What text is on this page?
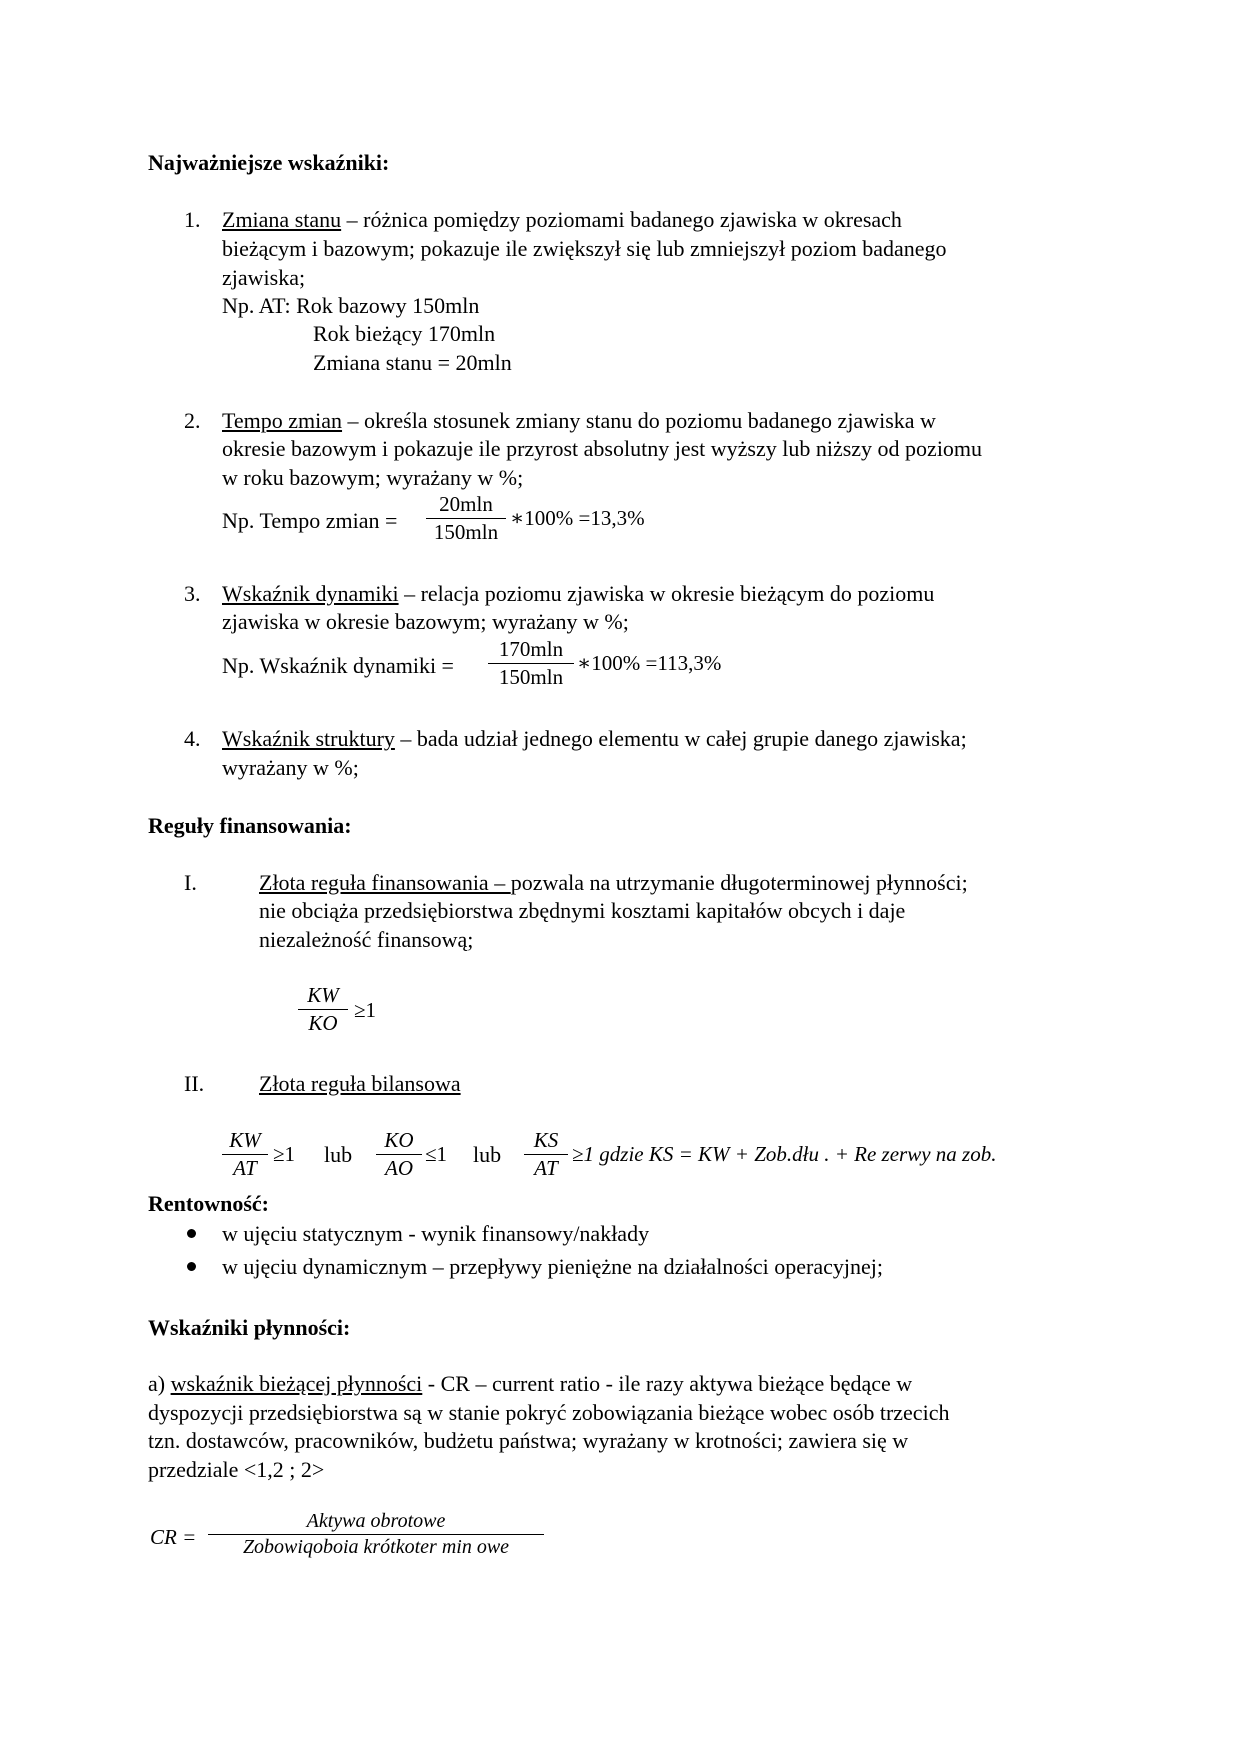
Najważniejsze wskaźniki:
1. Zmiana stanu – różnica pomiędzy poziomami badanego zjawiska w okresach
bieżącym i bazowym; pokazuje ile zwiększył się lub zmniejszył poziom badanego
zjawiska;
Np. AT: Rok bazowy 150mln
Rok bieżący 170mln
Zmiana stanu = 20mln
2. Tempo zmian – określa stosunek zmiany stanu do poziomu badanego zjawiska w
okresie bazowym i pokazuje ile przyrost absolutny jest wyższy lub niższy od poziomu
w roku bazowym; wyrażany w %;
Np. Tempo zmian =
20mln
150mln
∗100% =13,3%
3. Wskaźnik dynamiki – relacja poziomu zjawiska w okresie bieżącym do poziomu
zjawiska w okresie bazowym; wyrażany w %;
Np. Wskaźnik dynamiki =
170mln
150mln
∗100% =113,3%
4. Wskaźnik struktury – bada udział jednego elementu w całej grupie danego zjawiska;
wyrażany w %;
Reguły finansowania:
I.	Złota reguła finansowania – pozwala na utrzymanie długoterminowej płynności;
nie obciąża przedsiębiorstwa zbędnymi kosztami kapitałów obcych i daje
niezależność finansową;
KW
KO
≥1
II. Złota reguła bilansowa
KW
AT
≥1 lub
KO
AO
≤1 lub
KS
AT
≥1 gdzie KS = KW + Zob.dłu . + Re zerwy na zob.
Rentowność:
w ujęciu statycznym - wynik finansowy/nakłady
w ujęciu dynamicznym – przepływy pieniężne na działalności operacyjnej;
Wskaźniki płynności:
a) wskaźnik bieżącej płynności - CR – current ratio - ile razy aktywa bieżące będące w
dyspozycji przedsiębiorstwa są w stanie pokryć zobowiązania bieżące wobec osób trzecich
tzn. dostawców, pracowników, budżetu państwa; wyrażany w krotności; zawiera się w
przedziale <1,2 ; 2>
CR =
Aktywa obrotowe
Zobowiqoboia krótkoter min owe
